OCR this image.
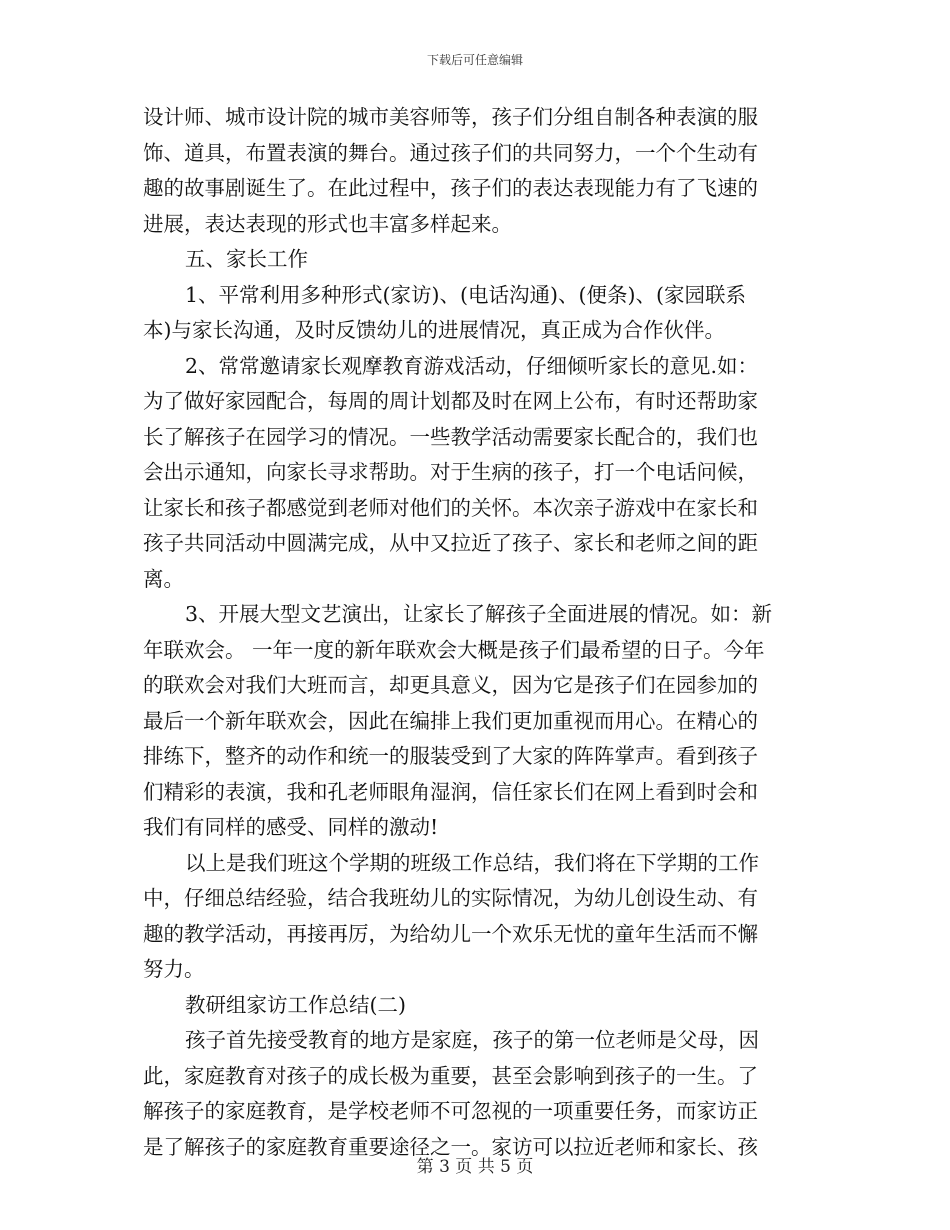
下载后可任意编辑
设计师、城市设计院的城市美容师等，孩子们分组自制各种表演的服
饰、道具，布置表演的舞台。通过孩子们的共同努力，一个个生动有
趣的故事剧诞生了。在此过程中，孩子们的表达表现能力有了飞速的
进展，表达表现的形式也丰富多样起来。
五、家长工作
1、平常利用多种形式(家访)、(电话沟通)、(便条)、(家园联系
本)与家长沟通，及时反馈幼儿的进展情况，真正成为合作伙伴。
2、常常邀请家长观摩教育游戏活动，仔细倾听家长的意见.如：
为了做好家园配合，每周的周计划都及时在网上公布，有时还帮助家
长了解孩子在园学习的情况。一些教学活动需要家长配合的，我们也
会出示通知，向家长寻求帮助。对于生病的孩子，打一个电话问候，
让家长和孩子都感觉到老师对他们的关怀。本次亲子游戏中在家长和
孩子共同活动中圆满完成，从中又拉近了孩子、家长和老师之间的距
离。
3、开展大型文艺演出，让家长了解孩子全面进展的情况。如：新
年联欢会。 一年一度的新年联欢会大概是孩子们最希望的日子。今年
的联欢会对我们大班而言，却更具意义，因为它是孩子们在园参加的
最后一个新年联欢会，因此在编排上我们更加重视而用心。在精心的
排练下，整齐的动作和统一的服装受到了大家的阵阵掌声。看到孩子
们精彩的表演，我和孔老师眼角湿润，信任家长们在网上看到时会和
我们有同样的感受、同样的激动!
以上是我们班这个学期的班级工作总结，我们将在下学期的工作
中，仔细总结经验，结合我班幼儿的实际情况，为幼儿创设生动、有
趣的教学活动，再接再厉，为给幼儿一个欢乐无忧的童年生活而不懈
努力。
教研组家访工作总结(二)
孩子首先接受教育的地方是家庭，孩子的第一位老师是父母，因
此，家庭教育对孩子的成长极为重要，甚至会影响到孩子的一生。了
解孩子的家庭教育，是学校老师不可忽视的一项重要任务，而家访正
是了解孩子的家庭教育重要途径之一。家访可以拉近老师和家长、孩
第 3 页 共 5 页
